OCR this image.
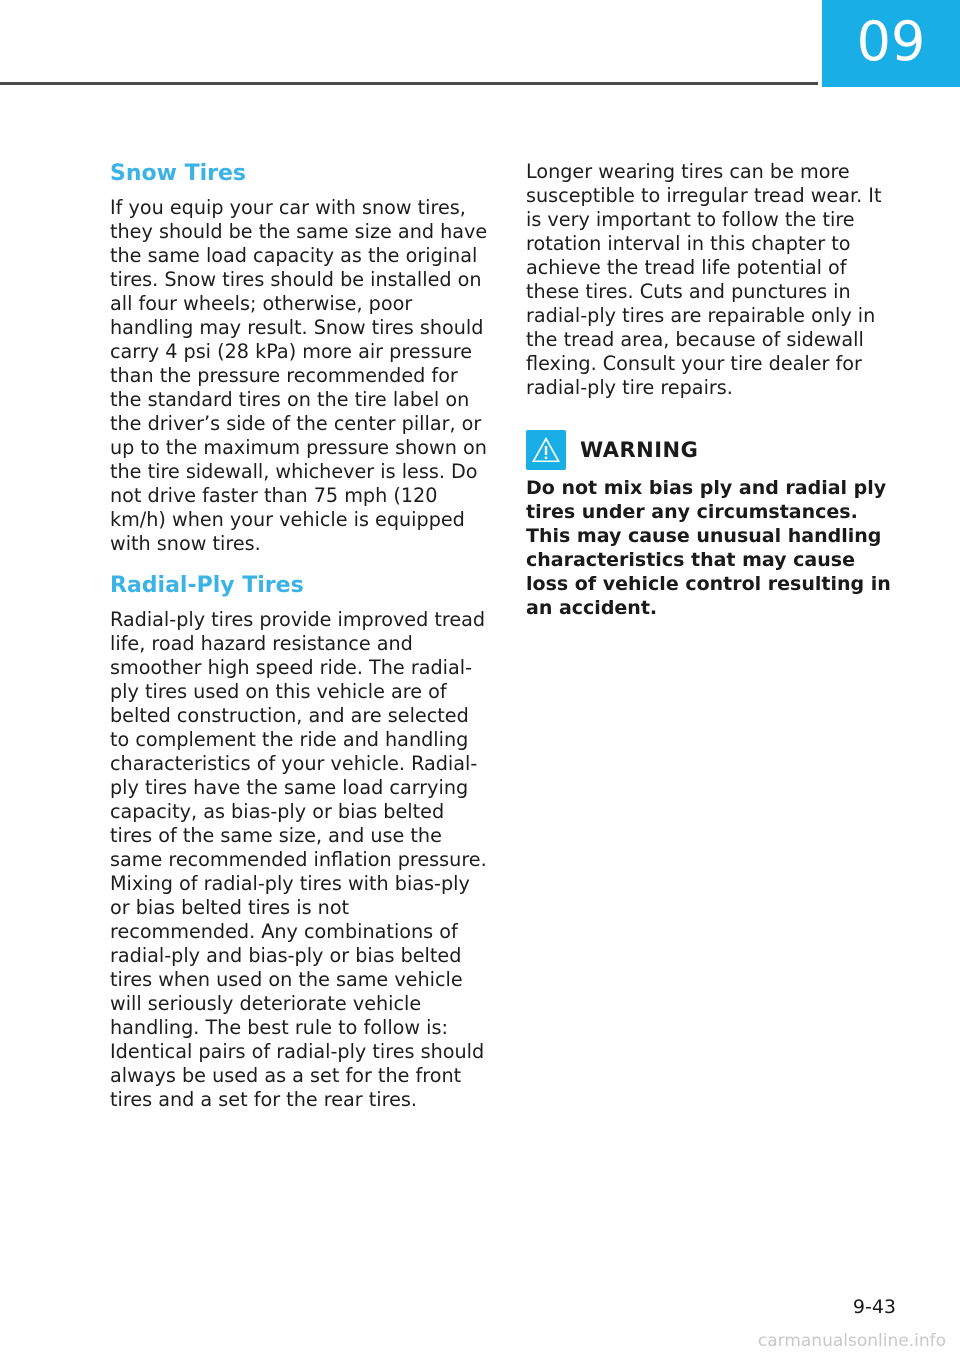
09
Snow Tires

If you equip your car with snow tires, they should be the same size and have the same load capacity as the original tires. Snow tires should be installed on all four wheels; otherwise, poor handling may result. Snow tires should carry 4 psi (28 kPa) more air pressure than the pressure recommended for the standard tires on the tire label on the driver’s side of the center pillar, or up to the maximum pressure shown on the tire sidewall, whichever is less. Do not drive faster than 75 mph (120 km/h) when your vehicle is equipped with snow tires.

Radial-Ply Tires

Radial-ply tires provide improved tread life, road hazard resistance and smoother high speed ride. The radial-ply tires used on this vehicle are of belted construction, and are selected to complement the ride and handling characteristics of your vehicle. Radial-ply tires have the same load carrying capacity, as bias-ply or bias belted tires of the same size, and use the same recommended inflation pressure. Mixing of radial-ply tires with bias-ply or bias belted tires is not recommended. Any combinations of radial-ply and bias-ply or bias belted tires when used on the same vehicle will seriously deteriorate vehicle handling. The best rule to follow is: Identical pairs of radial-ply tires should always be used as a set for the front tires and a set for the rear tires.

Longer wearing tires can be more susceptible to irregular tread wear. It is very important to follow the tire rotation interval in this chapter to achieve the tread life potential of these tires. Cuts and punctures in radial-ply tires are repairable only in the tread area, because of sidewall flexing. Consult your tire dealer for radial-ply tire repairs.

WARNING

Do not mix bias ply and radial ply tires under any circumstances. This may cause unusual handling characteristics that may cause loss of vehicle control resulting in an accident.

9-43
carmanualsonline.info
